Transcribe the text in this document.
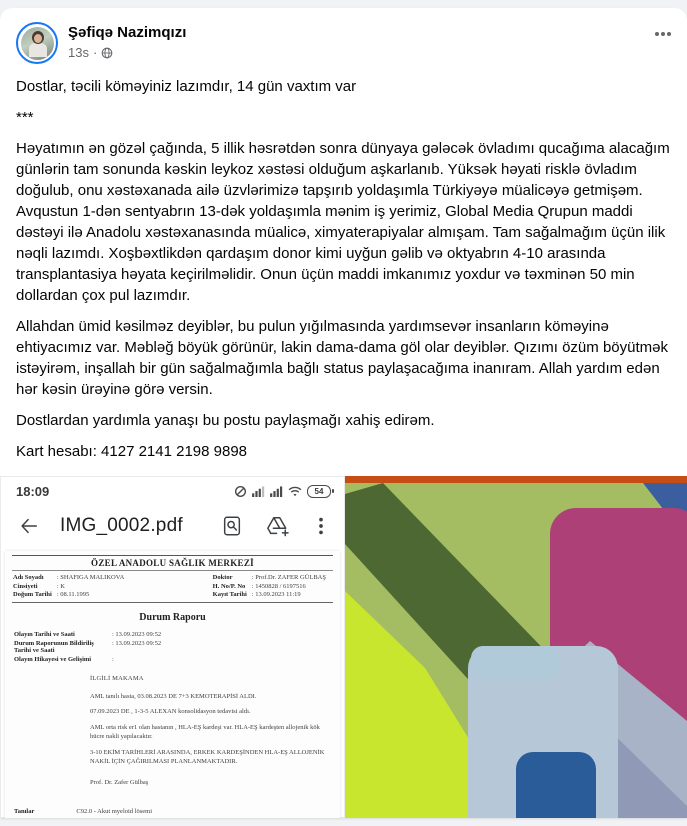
Şəfiqə Nazimqızı
13s ·

Dostlar, təcili köməyiniz lazımdır, 14 gün vaxtım var

***

Həyatımın ən gözəl çağında, 5 illik həsrətdən sonra dünyaya gələcək övladımı qucağıma alacağım günlərin tam sonunda kəskin leykoz xəstəsi olduğum aşkarlanıb. Yüksək həyati risklə övladım doğulub, onu xəstəxanada ailə üzvlərimizə tapşırıb yoldaşımla Türkiyəyə müalicəyə getmişəm. Avqustun 1-dən sentyabrın 13-dək yoldaşımla mənim iş yerimiz, Global Media Qrupun maddi dəstəyi ilə Anadolu xəstəxanasında müalicə, ximyaterapiyalar almışam. Tam sağalmağım üçün ilik nəqli lazımdı. Xoşbəxtlikdən qardaşım donor kimi uyğun gəlib və oktyabrın 4-10 arasında transplantasiya həyata keçirilməlidir. Onun üçün maddi imkanımız yoxdur və təxminən 50 min dollardan çox pul lazımdır.

Allahdan ümid kəsilməz deyiblər, bu pulun yığılmasında yardımsevər insanların köməyinə ehtiyacımız var. Məbləğ böyük görünür, lakin dama-dama göl olar deyiblər. Qızımı özüm böyütmək istəyirəm, inşallah bir gün sağalmağımla bağlı status paylaşacağıma inanıram. Allah yardım edən hər kəsin ürəyinə görə versin.

Dostlardan yardımla yanaşı bu postu paylaşmağı xahiş edirəm.

Kart hesabı: 4127 2141 2198 9898

18:09	54
IMG_0002.pdf
ÖZEL ANADOLU SAĞLIK MERKEZİ
Adı Soyadı	: SHAFIGA MALIKOVA
Cinsiyeti	: K
Doğum Tarihi : 08.11.1995
Doktor	: Prof.Dr. ZAFER GÜLBAŞ
H. No/P. No : 1450828 / 6197516
Kayıt Tarihi : 13.09.2023 11:19
Durum Raporu
Olayın Tarihi ve Saati	: 13.09.2023 09:52
Durum Raporunun Bildiriliş Tarihi ve Saati
: 13.09.2023 09:52
Olayın Hikayesi ve Gelişimi	:
İLGİLİ MAKAMA
AML tanılı hasta, 03.08.2023 DE 7+3 KEMOTERAPİSİ ALDI.
07.09.2023 DE , 1-3-5 ALEXAN konsolidasyon tedavisi aldı.
AML orta risk er1 olan hastanın , HLA-EŞ kardeşi var. HLA-EŞ kardeşten allojenik kök hücre nakli yapılacaktır.
3-10 EKİM TARİHLERİ ARASINDA, ERKEK KARDEŞİNDEN HLA-EŞ ALLOJENİK NAKİL İÇİN ÇAĞIRILMASI PLANLANMAKTADIR.
Prof. Dr. Zafer Gülbaş
Tanılar	C92.0 - Akut myeloid lösemi
